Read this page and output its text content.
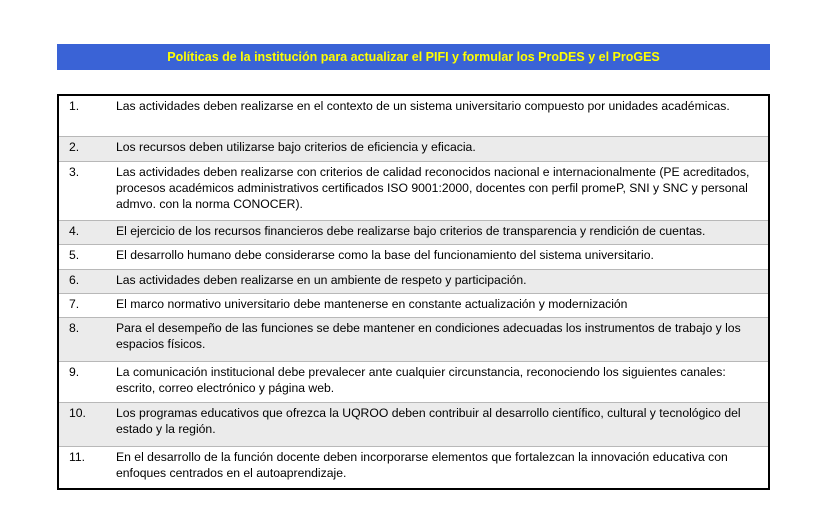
Políticas de la institución para actualizar el PIFI y formular los ProDES y el ProGES
1.	Las actividades deben realizarse en el contexto de un sistema universitario compuesto por unidades académicas.
2.	Los recursos deben utilizarse bajo criterios de eficiencia y eficacia.
3.	Las actividades deben realizarse con criterios de calidad reconocidos nacional e internacionalmente (PE acreditados, procesos académicos administrativos certificados ISO 9001:2000, docentes con perfil promeP, SNI y SNC y personal admvo. con la norma CONOCER).
4.	El ejercicio de los recursos financieros debe realizarse bajo criterios de transparencia y rendición de cuentas.
5.	El desarrollo humano debe considerarse como la base del funcionamiento del sistema universitario.
6.	Las actividades deben realizarse en un ambiente de respeto y participación.
7.	El marco normativo universitario debe mantenerse en constante actualización y modernización
8.	Para el desempeño de las funciones se debe mantener en condiciones adecuadas los instrumentos de trabajo y los espacios físicos.
9.	La comunicación institucional debe prevalecer ante cualquier circunstancia, reconociendo los siguientes canales: escrito, correo electrónico y página web.
10.	Los programas educativos que ofrezca la UQROO deben contribuir al desarrollo científico, cultural y tecnológico del estado y la región.
11.	En el desarrollo de la función docente deben incorporarse elementos que fortalezcan la innovación educativa con enfoques centrados en el autoaprendizaje.
